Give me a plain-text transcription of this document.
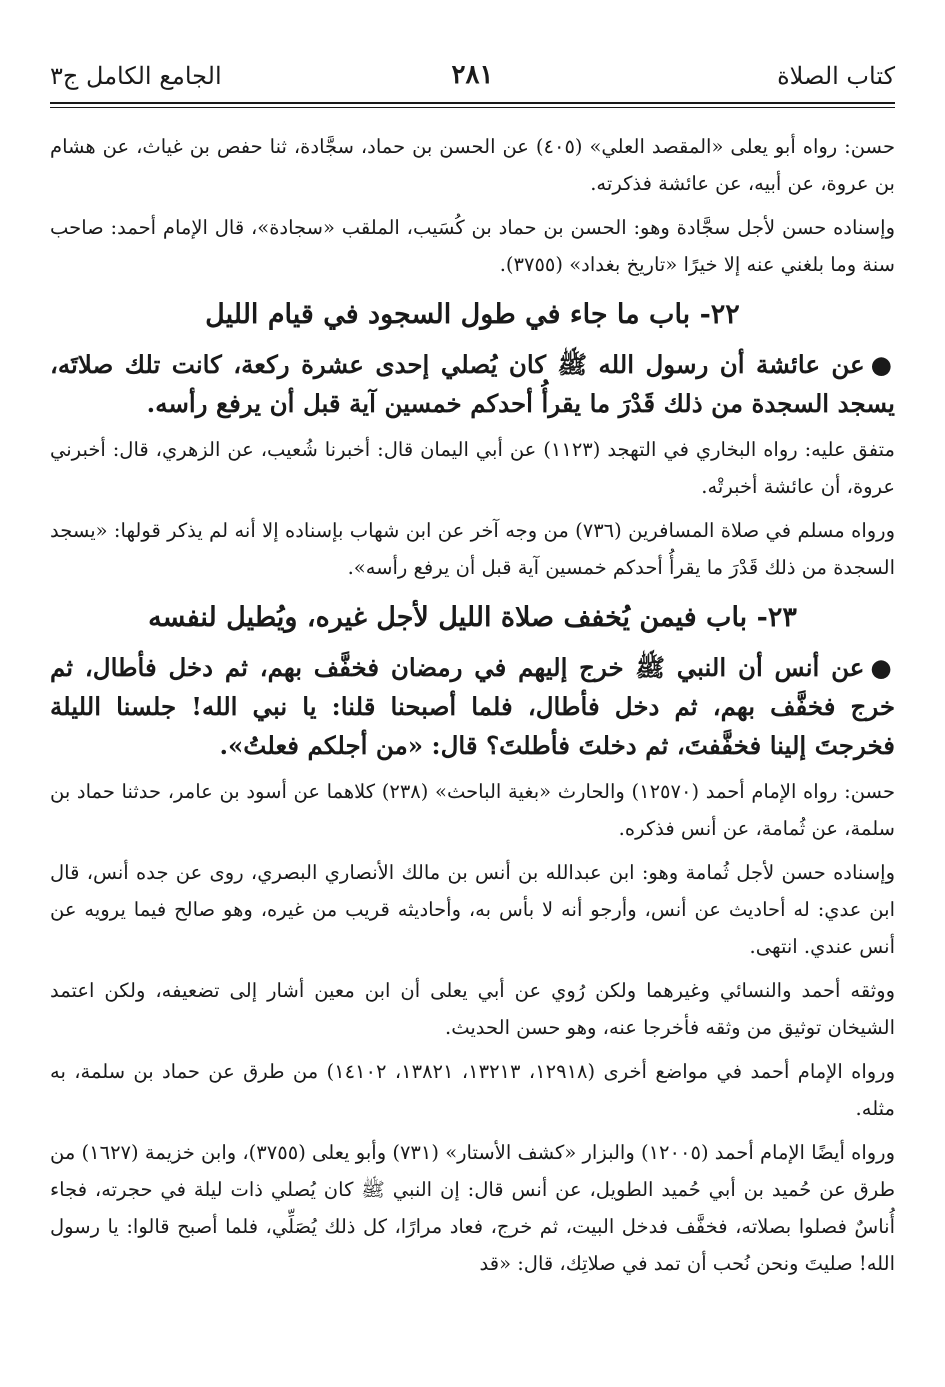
كتاب الصلاة
٢٨١
الجامع الكامل ج٣

حسن: رواه أبو يعلى «المقصد العلي» (٤٠٥) عن الحسن بن حماد، سجَّادة، ثنا حفص بن غياث، عن هشام بن عروة، عن أبيه، عن عائشة فذكرته.

وإسناده حسن لأجل سجَّادة وهو: الحسن بن حماد بن كُسَيب، الملقب «سجادة»، قال الإمام أحمد: صاحب سنة وما بلغني عنه إلا خيرًا «تاريخ بغداد» (٣٧٥٥).

٢٢- باب ما جاء في طول السجود في قيام الليل

●عن عائشة أن رسول الله ﷺ كان يُصلي إحدى عشرة ركعة، كانت تلك صلاتَه، يسجد السجدة من ذلك قَدْرَ ما يقرأُ أحدكم خمسين آية قبل أن يرفع رأسه.

متفق عليه: رواه البخاري في التهجد (١١٢٣) عن أبي اليمان قال: أخبرنا شُعيب، عن الزهري، قال: أخبرني عروة، أن عائشة أخبرتْه.

ورواه مسلم في صلاة المسافرين (٧٣٦) من وجه آخر عن ابن شهاب بإسناده إلا أنه لم يذكر قولها: «يسجد السجدة من ذلك قَدْرَ ما يقرأُ أحدكم خمسين آية قبل أن يرفع رأسه».

٢٣- باب فيمن يُخفف صلاة الليل لأجل غيره، ويُطيل لنفسه

●عن أنس أن النبي ﷺ خرج إليهم في رمضان فخفَّف بهم، ثم دخل فأطال، ثم خرج فخفَّف بهم، ثم دخل فأطال، فلما أصبحنا قلنا: يا نبي الله! جلسنا الليلة فخرجتَ إلينا فخفَّفتَ، ثم دخلتَ فأطلتَ؟ قال: «من أجلكم فعلتُ».

حسن: رواه الإمام أحمد (١٢٥٧٠) والحارث «بغية الباحث» (٢٣٨) كلاهما عن أسود بن عامر، حدثنا حماد بن سلمة، عن ثُمامة، عن أنس فذكره.

وإسناده حسن لأجل ثُمامة وهو: ابن عبدالله بن أنس بن مالك الأنصاري البصري، روى عن جده أنس، قال ابن عدي: له أحاديث عن أنس، وأرجو أنه لا بأس به، وأحاديثه قريب من غيره، وهو صالح فيما يرويه عن أنس عندي. انتهى.

ووثقه أحمد والنسائي وغيرهما ولكن رُوي عن أبي يعلى أن ابن معين أشار إلى تضعيفه، ولكن اعتمد الشيخان توثيق من وثقه فأخرجا عنه، وهو حسن الحديث.

ورواه الإمام أحمد في مواضع أخرى (١٢٩١٨، ١٣٢١٣، ١٣٨٢١، ١٤١٠٢) من طرق عن حماد بن سلمة، به مثله.

ورواه أيضًا الإمام أحمد (١٢٠٠٥) والبزار «كشف الأستار» (٧٣١) وأبو يعلى (٣٧٥٥)، وابن خزيمة (١٦٢٧) من طرق عن حُميد بن أبي حُميد الطويل، عن أنس قال: إن النبي ﷺ كان يُصلي ذات ليلة في حجرته، فجاء أُناسٌ فصلوا بصلاته، فخفَّف فدخل البيت، ثم خرج، فعاد مرارًا، كل ذلك يُصَلِّي، فلما أصبح قالوا: يا رسول الله! صليتَ ونحن نُحب أن تمد في صلاتِك، قال: «قد
